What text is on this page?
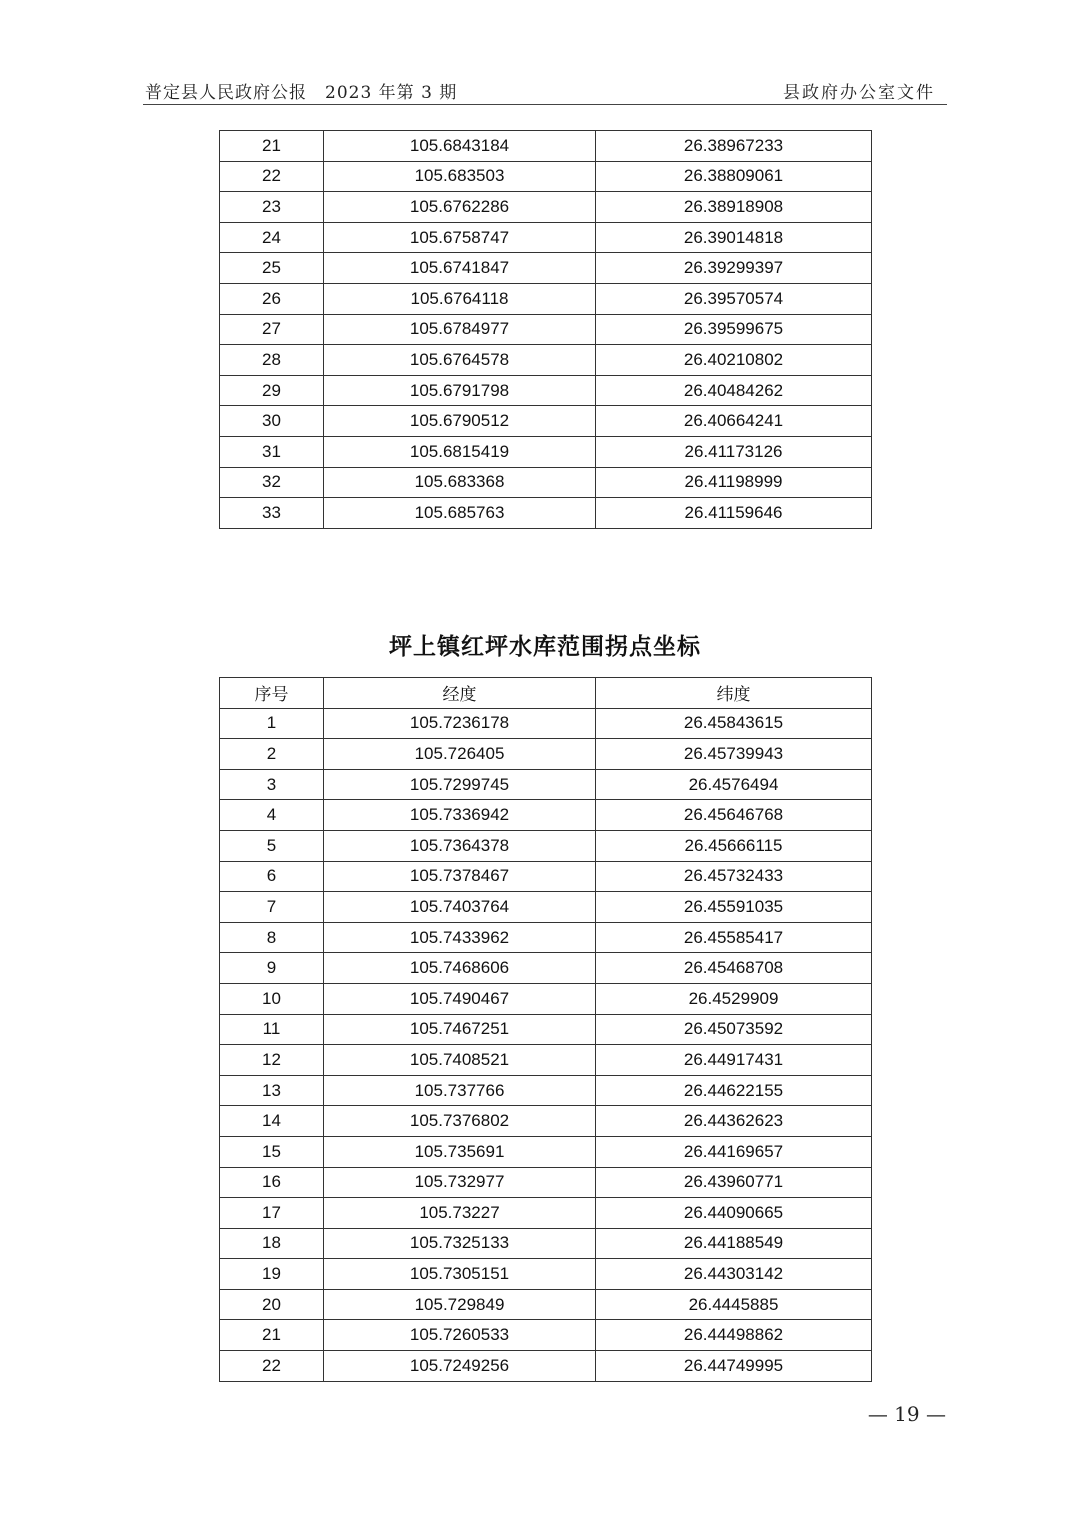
普定县人民政府公报　2023 年第 3 期	县政府办公室文件
21	105.6843184	26.38967233
22	105.683503	26.38809061
23	105.6762286	26.38918908
24	105.6758747	26.39014818
25	105.6741847	26.39299397
26	105.6764118	26.39570574
27	105.6784977	26.39599675
28	105.6764578	26.40210802
29	105.6791798	26.40484262
30	105.6790512	26.40664241
31	105.6815419	26.41173126
32	105.683368	26.41198999
33	105.685763	26.41159646
坪上镇红坪水库范围拐点坐标
序号	经度	纬度
1	105.7236178	26.45843615
2	105.726405	26.45739943
3	105.7299745	26.4576494
4	105.7336942	26.45646768
5	105.7364378	26.45666115
6	105.7378467	26.45732433
7	105.7403764	26.45591035
8	105.7433962	26.45585417
9	105.7468606	26.45468708
10	105.7490467	26.4529909
11	105.7467251	26.45073592
12	105.7408521	26.44917431
13	105.737766	26.44622155
14	105.7376802	26.44362623
15	105.735691	26.44169657
16	105.732977	26.43960771
17	105.73227	26.44090665
18	105.7325133	26.44188549
19	105.7305151	26.44303142
20	105.729849	26.4445885
21	105.7260533	26.44498862
22	105.7249256	26.44749995
— 19 —
